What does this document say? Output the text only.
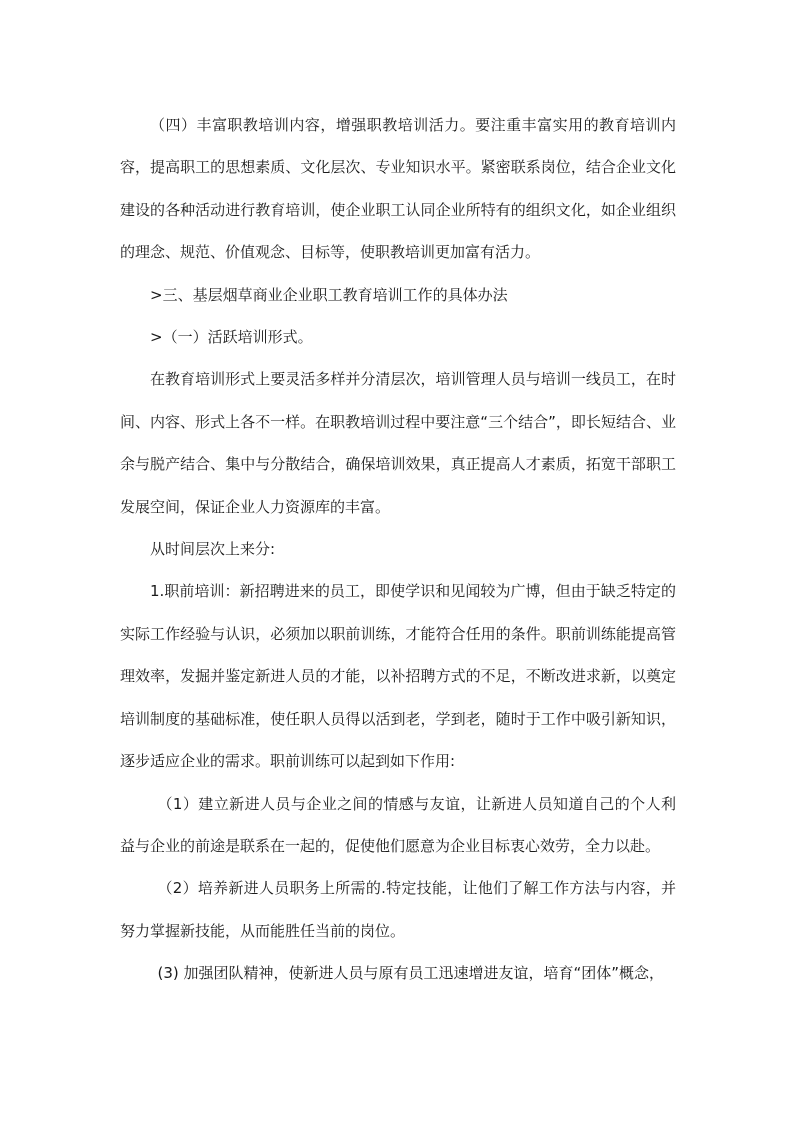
（四）丰富职教培训内容，增强职教培训活力。要注重丰富实用的教育培训内容，提高职工的思想素质、文化层次、专业知识水平。紧密联系岗位，结合企业文化建设的各种活动进行教育培训，使企业职工认同企业所特有的组织文化，如企业组织的理念、规范、价值观念、目标等，使职教培训更加富有活力。

>三、基层烟草商业企业职工教育培训工作的具体办法

>（一）活跃培训形式。

在教育培训形式上要灵活多样并分清层次，培训管理人员与培训一线员工，在时间、内容、形式上各不一样。在职教培训过程中要注意“三个结合”，即长短结合、业余与脱产结合、集中与分散结合，确保培训效果，真正提高人才素质，拓宽干部职工发展空间，保证企业人力资源库的丰富。

从时间层次上来分:

1.职前培训：新招聘进来的员工，即使学识和见闻较为广博，但由于缺乏特定的实际工作经验与认识，必须加以职前训练，才能符合任用的条件。职前训练能提高管理效率，发掘并鉴定新进人员的才能，以补招聘方式的不足，不断改进求新，以奠定培训制度的基础标准，使任职人员得以活到老，学到老，随时于工作中吸引新知识，逐步适应企业的需求。职前训练可以起到如下作用:

（1）建立新进人员与企业之间的情感与友谊，让新进人员知道自己的个人利益与企业的前途是联系在一起的，促使他们愿意为企业目标衷心效劳，全力以赴。

（2）培养新进人员职务上所需的.特定技能，让他们了解工作方法与内容，并努力掌握新技能，从而能胜任当前的岗位。

(3) 加强团队精神，使新进人员与原有员工迅速增进友谊，培育“团体”概念，
